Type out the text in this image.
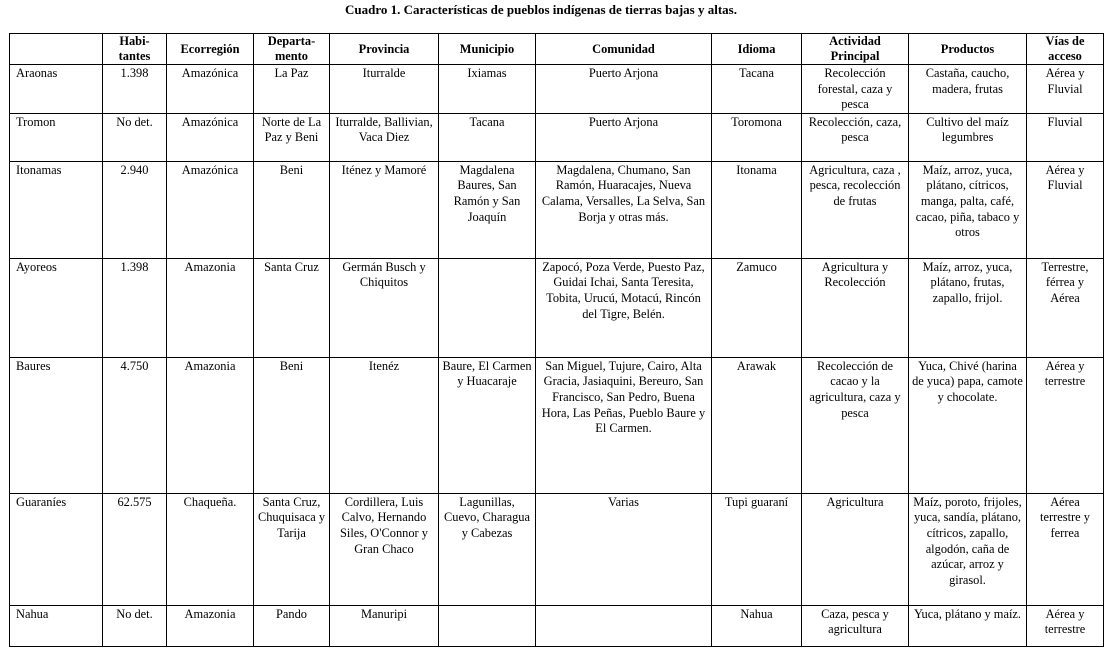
Cuadro 1. Características de pueblos indígenas de tierras bajas y altas.
	Habi-tantes	Ecorregión	Departa-mento	Provincia	Municipio	Comunidad	Idioma	Actividad Principal	Productos	Vías de acceso
Araonas	1.398	Amazónica	La Paz	Iturralde	Ixiamas	Puerto Arjona	Tacana	Recolección forestal, caza y pesca	Castaña, caucho, madera, frutas	Aérea y Fluvial
Tromon	No det.	Amazónica	Norte de La Paz y Beni	Iturralde, Ballivian, Vaca Diez	Tacana	Puerto Arjona	Toromona	Recolección, caza, pesca	Cultivo del maíz legumbres	Fluvial
Itonamas	2.940	Amazónica	Beni	Iténez y Mamoré	Magdalena Baures, San Ramón y San Joaquín	Magdalena, Chumano, San Ramón, Huaracajes, Nueva Calama, Versalles, La Selva, San Borja y otras más.	Itonama	Agricultura, caza , pesca, recolección de frutas	Maíz, arroz, yuca, plátano, cítricos, manga, palta, café, cacao, piña, tabaco y otros	Aérea y Fluvial
Ayoreos	1.398	Amazonia	Santa Cruz	Germán Busch y Chiquitos		Zapocó, Poza Verde, Puesto Paz, Guidai Ichai, Santa Teresita, Tobita, Urucú, Motacú, Rincón del Tigre, Belén.	Zamuco	Agricultura y Recolección	Maíz, arroz, yuca, plátano, frutas, zapallo, frijol.	Terrestre, férrea y Aérea
Baures	4.750	Amazonia	Beni	Itenéz	Baure, El Carmen y Huacaraje	San Miguel, Tujure, Cairo, Alta Gracia, Jasiaquini, Bereuro, San Francisco, San Pedro, Buena Hora, Las Peñas, Pueblo Baure y El Carmen.	Arawak	Recolección de cacao y la agricultura, caza y pesca	Yuca, Chivé (harina de yuca) papa, camote y chocolate.	Aérea y terrestre
Guaraníes	62.575	Chaqueña.	Santa Cruz, Chuquisaca y Tarija	Cordillera, Luis Calvo, Hernando Siles, O'Connor y Gran Chaco	Lagunillas, Cuevo, Charagua y Cabezas	Varias	Tupi guaraní	Agricultura	Maíz, poroto, frijoles, yuca, sandía, plátano, cítricos, zapallo, algodón, caña de azúcar, arroz y girasol.	Aérea terrestre y ferrea
Nahua	No det.	Amazonia	Pando	Manuripi			Nahua	Caza, pesca y agricultura	Yuca, plátano y maíz.	Aérea y terrestre
